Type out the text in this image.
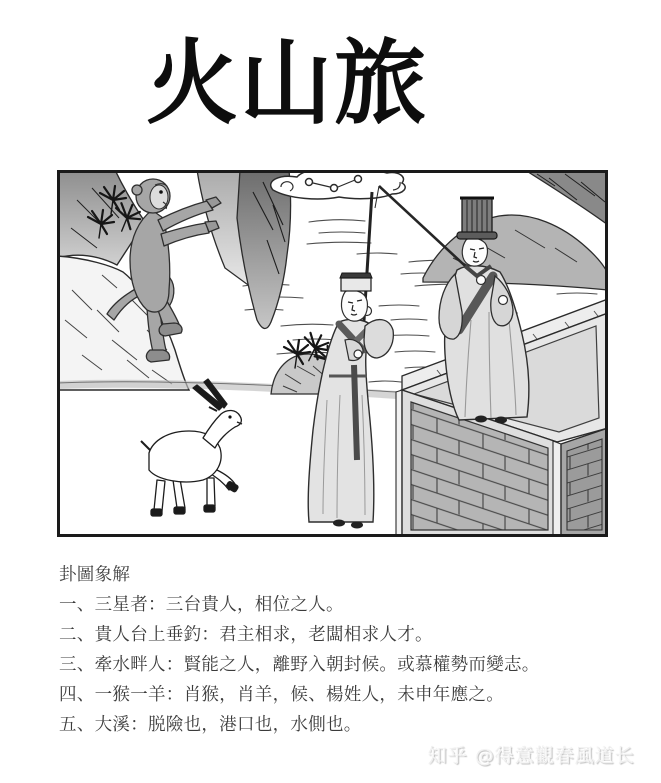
火山旅
卦圖象解
一、三星者：三台貴人，相位之人。
二、貴人台上垂釣：君主相求，老闆相求人才。
三、牽水畔人：賢能之人，離野入朝封候。或慕權勢而變志。
四、一猴一羊：肖猴，肖羊，候、楊姓人，未申年應之。
五、大溪：脱險也，港口也，水側也。
知乎 @得意觀春風道长
